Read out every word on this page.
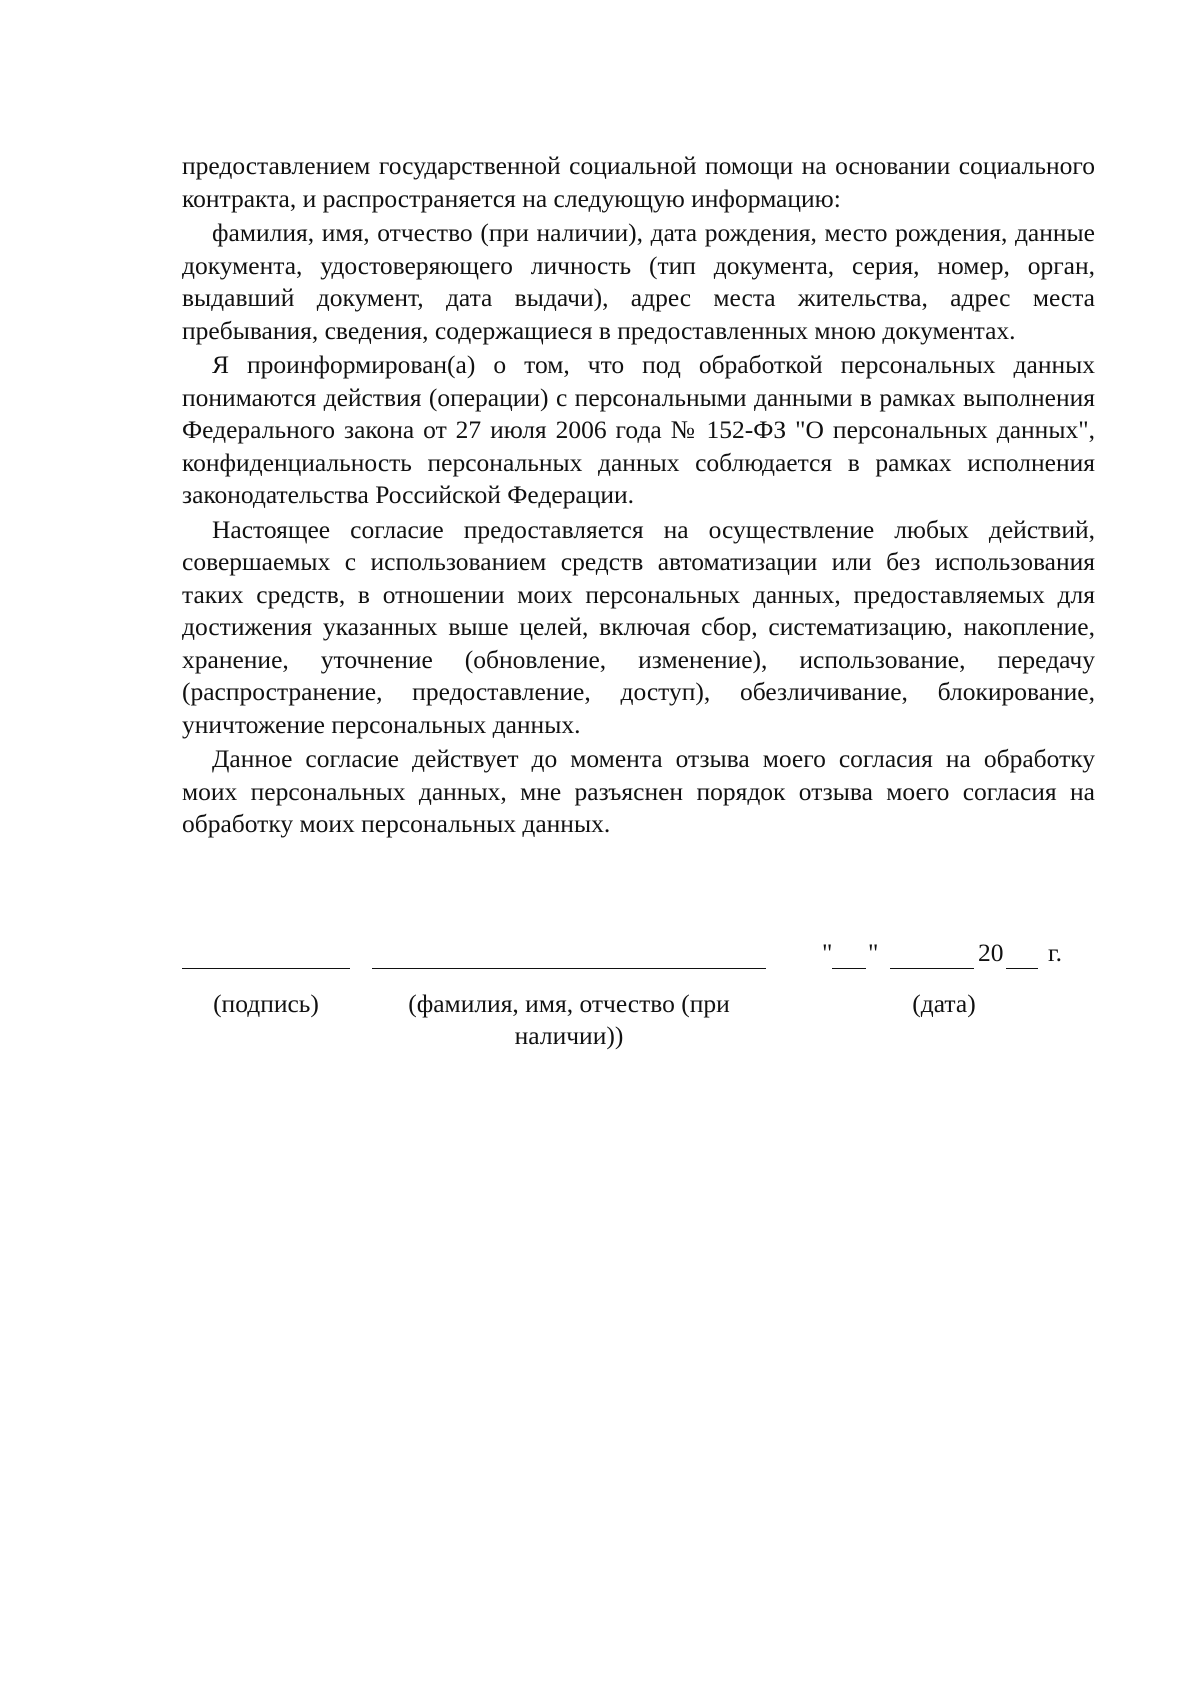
предоставлением государственной социальной помощи на основании социального контракта, и распространяется на следующую информацию:

фамилия, имя, отчество (при наличии), дата рождения, место рождения, данные документа, удостоверяющего личность (тип документа, серия, номер, орган, выдавший документ, дата выдачи), адрес места жительства, адрес места пребывания, сведения, содержащиеся в предоставленных мною документах.

Я проинформирован(а) о том, что под обработкой персональных данных понимаются действия (операции) с персональными данными в рамках выполнения Федерального закона от 27 июля 2006 года № 152-ФЗ "О персональных данных", конфиденциальность персональных данных соблюдается в рамках исполнения законодательства Российской Федерации.

Настоящее согласие предоставляется на осуществление любых действий, совершаемых с использованием средств автоматизации или без использования таких средств, в отношении моих персональных данных, предоставляемых для достижения указанных выше целей, включая сбор, систематизацию, накопление, хранение, уточнение (обновление, изменение), использование, передачу (распространение, предоставление, доступ), обезличивание, блокирование, уничтожение персональных данных.

Данное согласие действует до момента отзыва моего согласия на обработку моих персональных данных, мне разъяснен порядок отзыва моего согласия на обработку моих персональных данных.

" "	20 г.
(подпись)	(фамилия, имя, отчество (при
наличии))
(дата)
